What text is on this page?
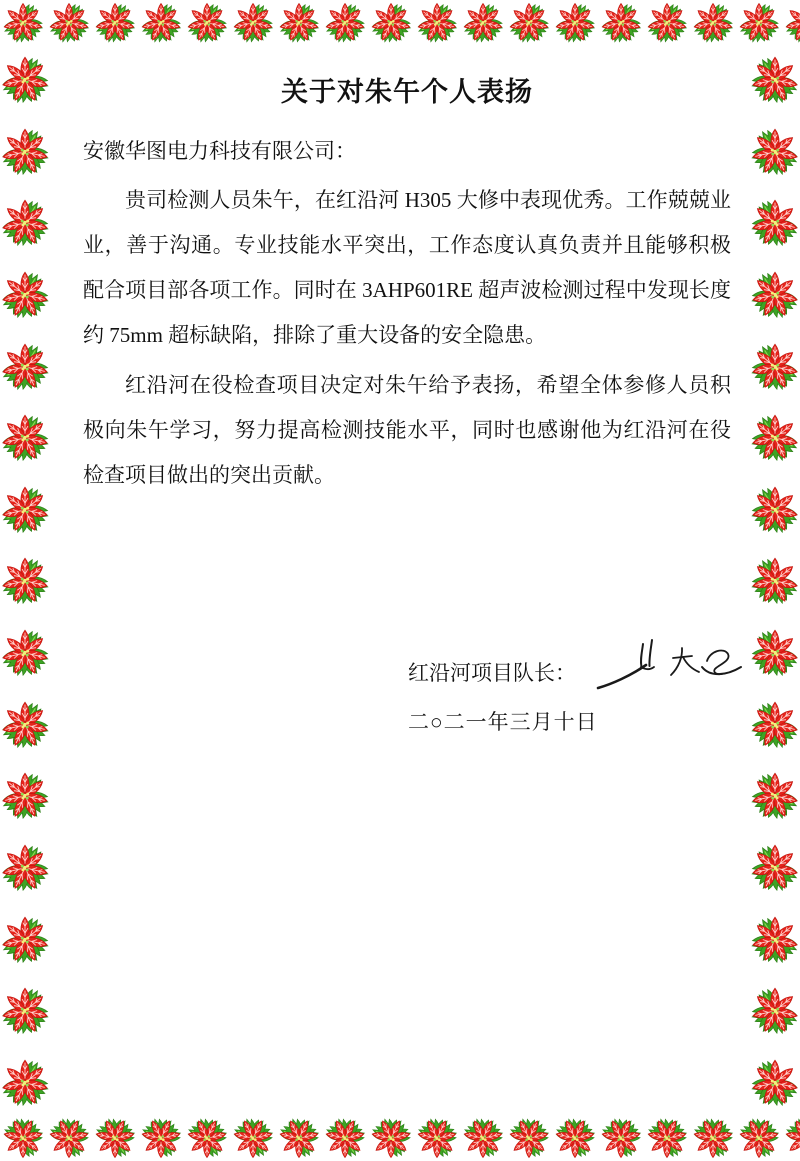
关于对朱午个人表扬
安徽华图电力科技有限公司：

贵司检测人员朱午，在红沿河 H305 大修中表现优秀。工作兢兢业业，善于沟通。专业技能水平突出，工作态度认真负责并且能够积极配合项目部各项工作。同时在 3AHP601RE 超声波检测过程中发现长度约 75mm 超标缺陷，排除了重大设备的安全隐患。

红沿河在役检查项目决定对朱午给予表扬，希望全体参修人员积极向朱午学习，努力提高检测技能水平，同时也感谢他为红沿河在役检查项目做出的突出贡献。

红沿河项目队长：
二○二一年三月十日
